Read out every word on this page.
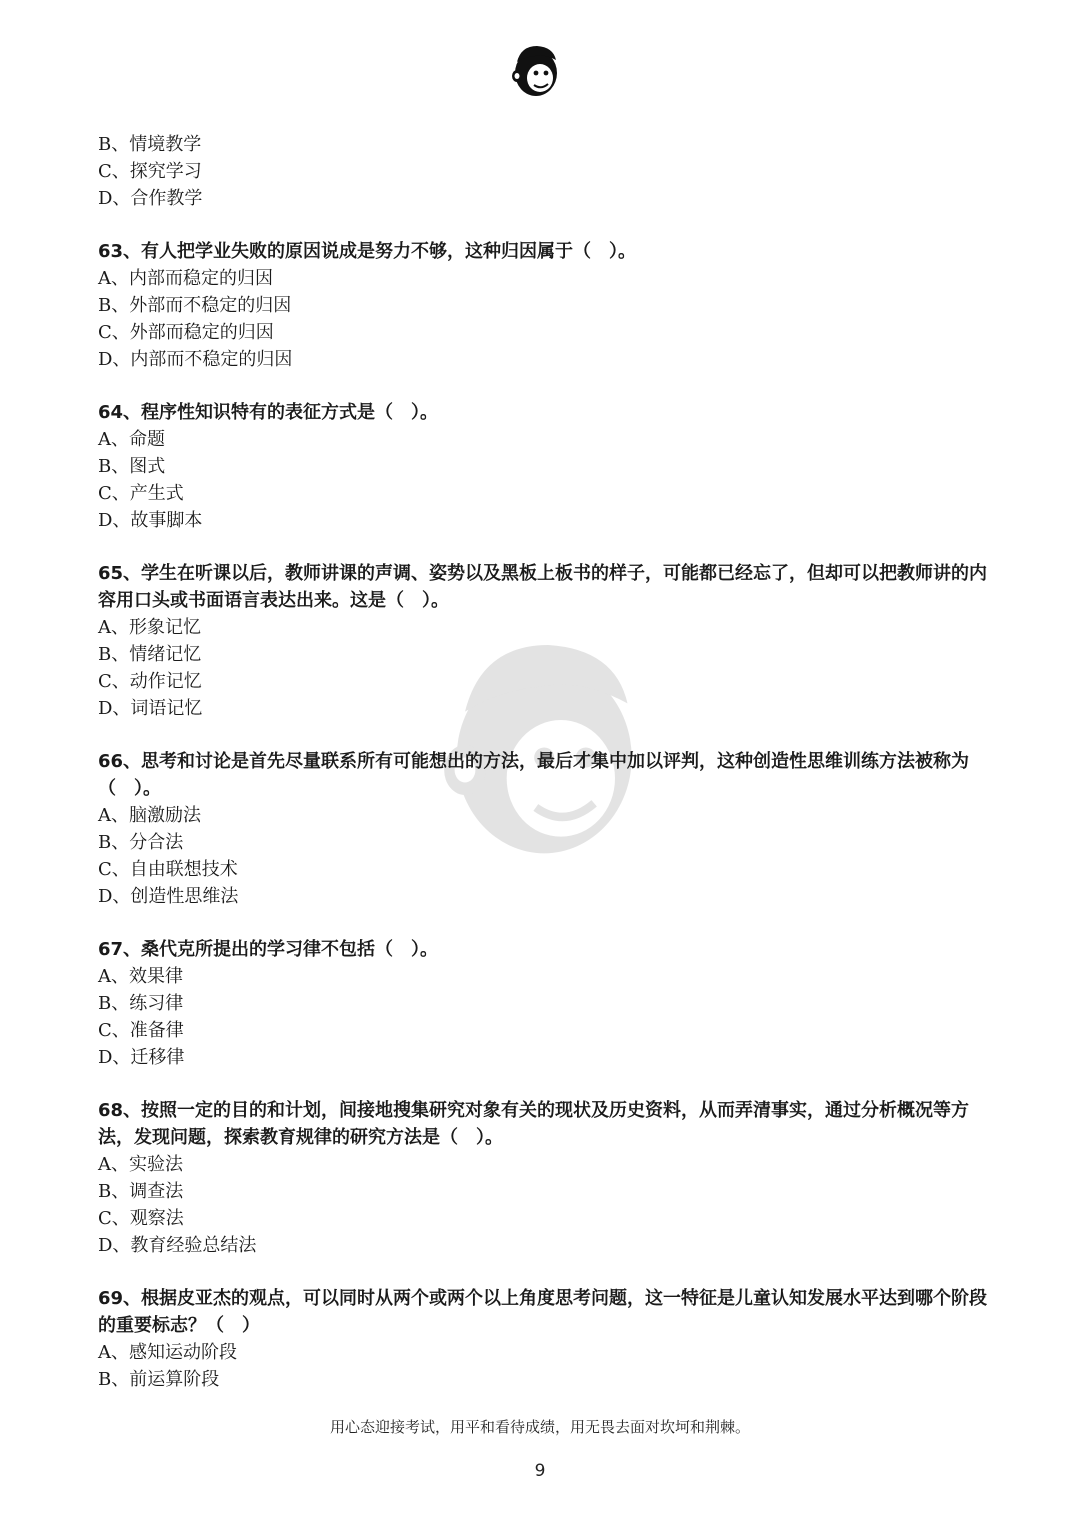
B、情境教学
C、探究学习
D、合作教学
63、有人把学业失败的原因说成是努力不够，这种归因属于（　）。
A、内部而稳定的归因
B、外部而不稳定的归因
C、外部而稳定的归因
D、内部而不稳定的归因
64、程序性知识特有的表征方式是（　）。
A、命题
B、图式
C、产生式
D、故事脚本
65、学生在听课以后，教师讲课的声调、姿势以及黑板上板书的样子，可能都已经忘了，但却可以把教师讲的内容用口头或书面语言表达出来。这是（　）。
A、形象记忆
B、情绪记忆
C、动作记忆
D、词语记忆
66、思考和讨论是首先尽量联系所有可能想出的方法，最后才集中加以评判，这种创造性思维训练方法被称为（　）。
A、脑激励法
B、分合法
C、自由联想技术
D、创造性思维法
67、桑代克所提出的学习律不包括（　）。
A、效果律
B、练习律
C、准备律
D、迁移律
68、按照一定的目的和计划，间接地搜集研究对象有关的现状及历史资料，从而弄清事实，通过分析概况等方法，发现问题，探索教育规律的研究方法是（　）。
A、实验法
B、调查法
C、观察法
D、教育经验总结法
69、根据皮亚杰的观点，可以同时从两个或两个以上角度思考问题，这一特征是儿童认知发展水平达到哪个阶段的重要标志？（　）
A、感知运动阶段
B、前运算阶段
用心态迎接考试，用平和看待成绩，用无畏去面对坎坷和荆棘。
9
